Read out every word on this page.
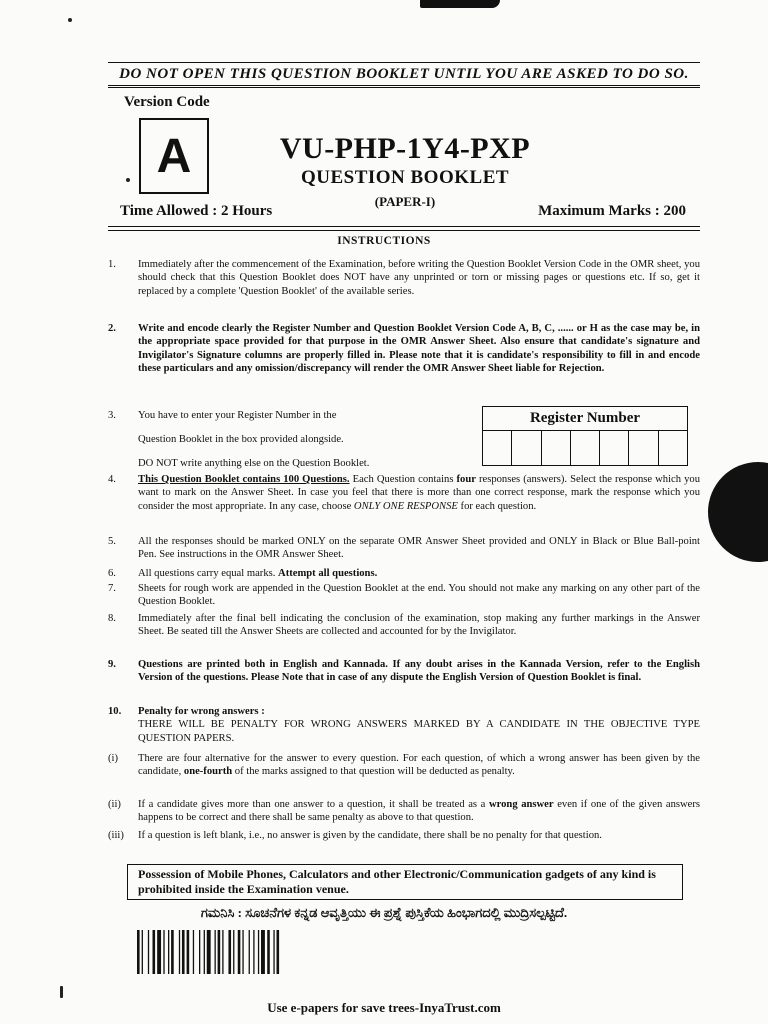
DO NOT OPEN THIS QUESTION BOOKLET UNTIL YOU ARE ASKED TO DO SO.
Version Code
A	VU-PHP-1Y4-PXP
QUESTION BOOKLET
(PAPER-I)
Time Allowed : 2 Hours	Maximum Marks : 200
INSTRUCTIONS
1.	Immediately after the commencement of the Examination, before writing the Question Booklet Version Code in the OMR sheet, you should check that this Question Booklet does NOT have any unprinted or torn or missing pages or questions etc. If so, get it replaced by a complete 'Question Booklet' of the available series.
2.	Write and encode clearly the Register Number and Question Booklet Version Code A, B, C, ...... or H as the case may be, in the appropriate space provided for that purpose in the OMR Answer Sheet. Also ensure that candidate's signature and Invigilator's Signature columns are properly filled in. Please note that it is candidate's responsibility to fill in and encode these particulars and any omission/discrepancy will render the OMR Answer Sheet liable for Rejection.
3.	You have to enter your Register Number in the
Question Booklet in the box provided alongside.
DO NOT write anything else on the Question Booklet.
Register Number
4.	This Question Booklet contains 100 Questions. Each Question contains four responses (answers). Select the response which you want to mark on the Answer Sheet. In case you feel that there is more than one correct response, mark the response which you consider the most appropriate. In any case, choose ONLY ONE RESPONSE for each question.
5.	All the responses should be marked ONLY on the separate OMR Answer Sheet provided and ONLY in Black or Blue Ball-point Pen. See instructions in the OMR Answer Sheet.
6.	All questions carry equal marks. Attempt all questions.
7.	Sheets for rough work are appended in the Question Booklet at the end. You should not make any marking on any other part of the Question Booklet.
8.	Immediately after the final bell indicating the conclusion of the examination, stop making any further markings in the Answer Sheet. Be seated till the Answer Sheets are collected and accounted for by the Invigilator.
9.	Questions are printed both in English and Kannada. If any doubt arises in the Kannada Version, refer to the English Version of the questions. Please Note that in case of any dispute the English Version of Question Booklet is final.
10.	Penalty for wrong answers :
THERE WILL BE PENALTY FOR WRONG ANSWERS MARKED BY A CANDIDATE IN THE OBJECTIVE TYPE QUESTION PAPERS.
(i)	There are four alternative for the answer to every question. For each question, of which a wrong answer has been given by the candidate, one-fourth of the marks assigned to that question will be deducted as penalty.
(ii)	If a candidate gives more than one answer to a question, it shall be treated as a wrong answer even if one of the given answers happens to be correct and there shall be same penalty as above to that question.
(iii)	If a question is left blank, i.e., no answer is given by the candidate, there shall be no penalty for that question.
Possession of Mobile Phones, Calculators and other Electronic/Communication gadgets of any kind is prohibited inside the Examination venue.
ಗಮನಿಸಿ : ಸೂಚನೆಗಳ ಕನ್ನಡ ಆವೃತ್ತಿಯು ಈ ಪ್ರಶ್ನೆ ಪುಸ್ತಿಕೆಯ ಹಿಂಭಾಗದಲ್ಲಿ ಮುದ್ರಿಸಲ್ಪಟ್ಟಿದೆ.
Use e-papers for save trees-InyaTrust.com
